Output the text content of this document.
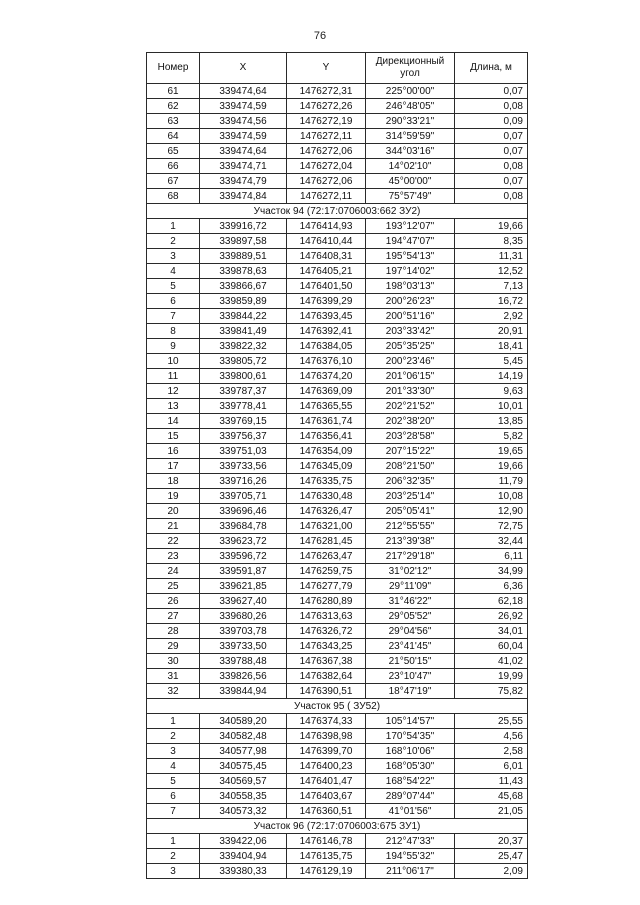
76
Номер	X	Y	Дирекционный угол	Длина, м
61	339474,64	1476272,31	225°00'00"	0,07
62	339474,59	1476272,26	246°48'05"	0,08
63	339474,56	1476272,19	290°33'21"	0,09
64	339474,59	1476272,11	314°59'59"	0,07
65	339474,64	1476272,06	344°03'16"	0,07
66	339474,71	1476272,04	14°02'10"	0,08
67	339474,79	1476272,06	45°00'00"	0,07
68	339474,84	1476272,11	75°57'49"	0,08
Участок 94 (72:17:0706003:662 ЗУ2)				
1	339916,72	1476414,93	193°12'07"	19,66
2	339897,58	1476410,44	194°47'07"	8,35
3	339889,51	1476408,31	195°54'13"	11,31
4	339878,63	1476405,21	197°14'02"	12,52
5	339866,67	1476401,50	198°03'13"	7,13
6	339859,89	1476399,29	200°26'23"	16,72
7	339844,22	1476393,45	200°51'16"	2,92
8	339841,49	1476392,41	203°33'42"	20,91
9	339822,32	1476384,05	205°35'25"	18,41
10	339805,72	1476376,10	200°23'46"	5,45
11	339800,61	1476374,20	201°06'15"	14,19
12	339787,37	1476369,09	201°33'30"	9,63
13	339778,41	1476365,55	202°21'52"	10,01
14	339769,15	1476361,74	202°38'20"	13,85
15	339756,37	1476356,41	203°28'58"	5,82
16	339751,03	1476354,09	207°15'22"	19,65
17	339733,56	1476345,09	208°21'50"	19,66
18	339716,26	1476335,75	206°32'35"	11,79
19	339705,71	1476330,48	203°25'14"	10,08
20	339696,46	1476326,47	205°05'41"	12,90
21	339684,78	1476321,00	212°55'55"	72,75
22	339623,72	1476281,45	213°39'38"	32,44
23	339596,72	1476263,47	217°29'18"	6,11
24	339591,87	1476259,75	31°02'12"	34,99
25	339621,85	1476277,79	29°11'09"	6,36
26	339627,40	1476280,89	31°46'22"	62,18
27	339680,26	1476313,63	29°05'52"	26,92
28	339703,78	1476326,72	29°04'56"	34,01
29	339733,50	1476343,25	23°41'45"	60,04
30	339788,48	1476367,38	21°50'15"	41,02
31	339826,56	1476382,64	23°10'47"	19,99
32	339844,94	1476390,51	18°47'19"	75,82
Участок 95 ( ЗУ52)				
1	340589,20	1476374,33	105°14'57"	25,55
2	340582,48	1476398,98	170°54'35"	4,56
3	340577,98	1476399,70	168°10'06"	2,58
4	340575,45	1476400,23	168°05'30"	6,01
5	340569,57	1476401,47	168°54'22"	11,43
6	340558,35	1476403,67	289°07'44"	45,68
7	340573,32	1476360,51	41°01'56"	21,05
Участок 96 (72:17:0706003:675 ЗУ1)				
1	339422,06	1476146,78	212°47'33"	20,37
2	339404,94	1476135,75	194°55'32"	25,47
3	339380,33	1476129,19	211°06'17"	2,09
